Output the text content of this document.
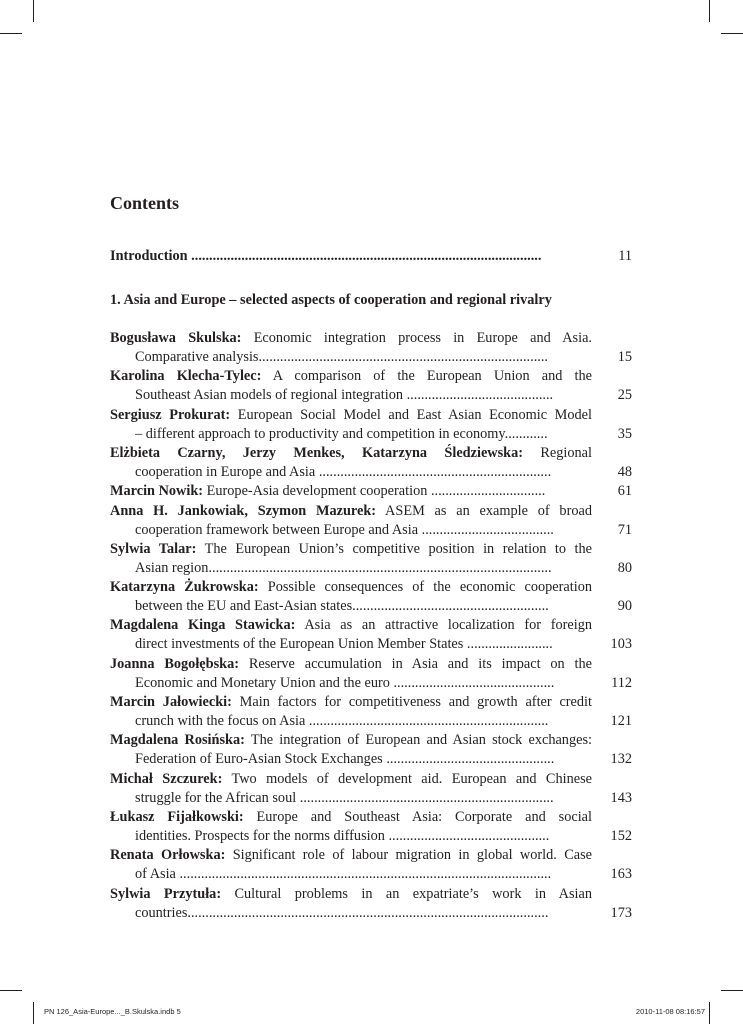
Contents
Introduction ..................................................................................................	11
1. Asia and Europe – selected aspects of cooperation and regional rivalry
Bogusława Skulska: Economic integration process in Europe and Asia.
Comparative analysis.................................................................................	15
Karolina Klecha-Tylec: A comparison of the European Union and the
Southeast Asian models of regional integration .........................................	25
Sergiusz Prokurat: European Social Model and East Asian Economic Model
– different approach to productivity and competition in economy............	35
Elżbieta Czarny, Jerzy Menkes, Katarzyna Śledziewska: Regional
cooperation in Europe and Asia .................................................................	48
Marcin Nowik: Europe-Asia development cooperation ................................	61
Anna H. Jankowiak, Szymon Mazurek: ASEM as an example of broad
cooperation framework between Europe and Asia .....................................	71
Sylwia Talar: The European Union’s competitive position in relation to the
Asian region................................................................................................	80
Katarzyna Żukrowska: Possible consequences of the economic cooperation
between the EU and East-Asian states.......................................................	90
Magdalena Kinga Stawicka: Asia as an attractive localization for foreign
direct investments of the European Union Member States ........................	103
Joanna Bogołębska: Reserve accumulation in Asia and its impact on the
Economic and Monetary Union and the euro .............................................	112
Marcin Jałowiecki: Main factors for competitiveness and growth after credit
crunch with the focus on Asia ...................................................................	121
Magdalena Rosińska: The integration of European and Asian stock exchanges:
Federation of Euro-Asian Stock Exchanges ...............................................	132
Michał Szczurek: Two models of development aid. European and Chinese
struggle for the African soul .......................................................................	143
Łukasz Fijałkowski: Europe and Southeast Asia: Corporate and social
identities. Prospects for the norms diffusion .............................................	152
Renata Orłowska: Significant role of labour migration in global world. Case
of Asia ........................................................................................................	163
Sylwia Przytuła: Cultural problems in an expatriate’s work in Asian
countries.....................................................................................................	173
PN 126_Asia-Europe..._B.Skulska.indb 5	2010-11-08 08:16:57
